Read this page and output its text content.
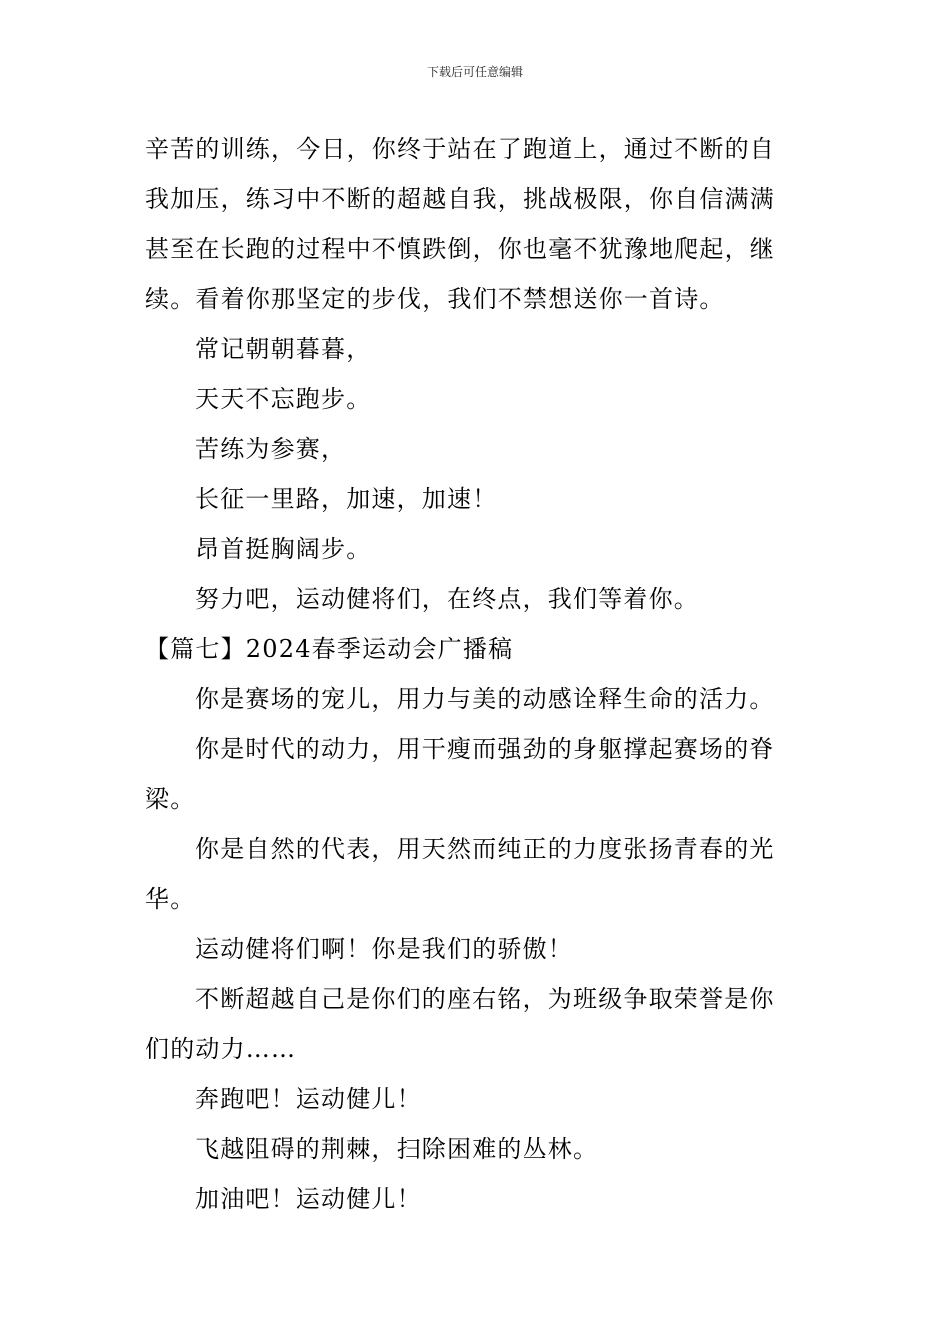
下载后可任意编辑

辛苦的训练，今日，你终于站在了跑道上，通过不断的自

我加压，练习中不断的超越自我，挑战极限，你自信满满

甚至在长跑的过程中不慎跌倒，你也毫不犹豫地爬起，继

续。看着你那坚定的步伐，我们不禁想送你一首诗。

常记朝朝暮暮，

天天不忘跑步。

苦练为参赛，

长征一里路，加速，加速！

昂首挺胸阔步。

努力吧，运动健将们，在终点，我们等着你。

【篇七】2024春季运动会广播稿

你是赛场的宠儿，用力与美的动感诠释生命的活力。

你是时代的动力，用干瘦而强劲的身躯撑起赛场的脊

梁。

你是自然的代表，用天然而纯正的力度张扬青春的光

华。

运动健将们啊！你是我们的骄傲！

不断超越自己是你们的座右铭，为班级争取荣誉是你

们的动力……

奔跑吧！运动健儿！

飞越阻碍的荆棘，扫除困难的丛林。

加油吧！运动健儿！
